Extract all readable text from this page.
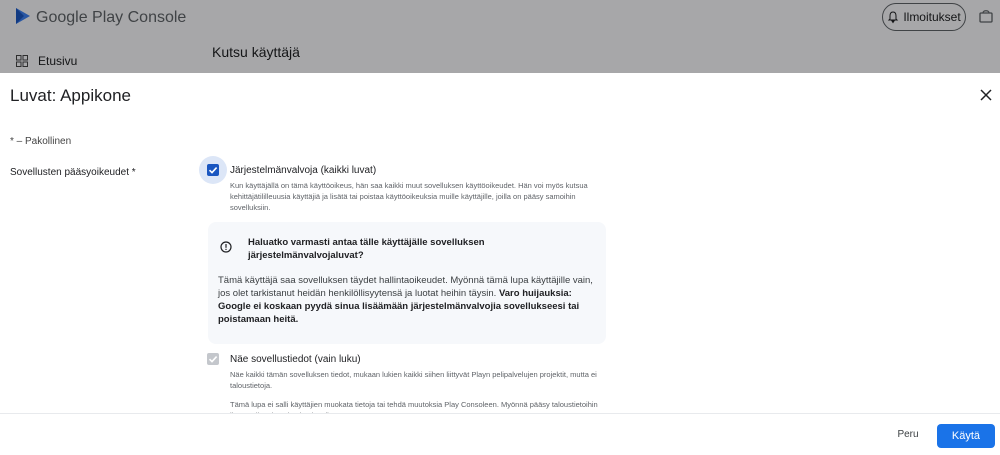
Google Play Console	Ilmoitukset
Etusivu
Kutsu käyttäjä
Luvat: Appikone
* – Pakollinen
Sovellusten pääsyoikeudet *	Järjestelmänvalvoja (kaikki luvat)
Kun käyttäjällä on tämä käyttöoikeus, hän saa kaikki muut sovelluksen käyttöoikeudet. Hän voi myös kutsua kehittäjätililleuusia käyttäjiä ja lisätä tai poistaa käyttöoikeuksia muille käyttäjille, joilla on pääsy samoihin sovelluksiin.
Haluatko varmasti antaa tälle käyttäjälle sovelluksen järjestelmänvalvojaluvat?
Tämä käyttäjä saa sovelluksen täydet hallintaoikeudet. Myönnä tämä lupa käyttäjille vain, jos olet tarkistanut heidän henkilöllisyytensä ja luotat heihin täysin. Varo huijauksia: Google ei koskaan pyydä sinua lisäämään järjestelmänvalvojia sovellukseesi tai poistamaan heitä.
Näe sovellustiedot (vain luku)
Näe kaikki tämän sovelluksen tiedot, mukaan lukien kaikki siihen liittyvät Playn pelipalvelujen projektit, mutta ei taloustietoja.
Tämä lupa ei salli käyttäjien muokata tietoja tai tehdä muutoksia Play Consoleen. Myönnä pääsy taloustietoihin
Peru	Käytä
